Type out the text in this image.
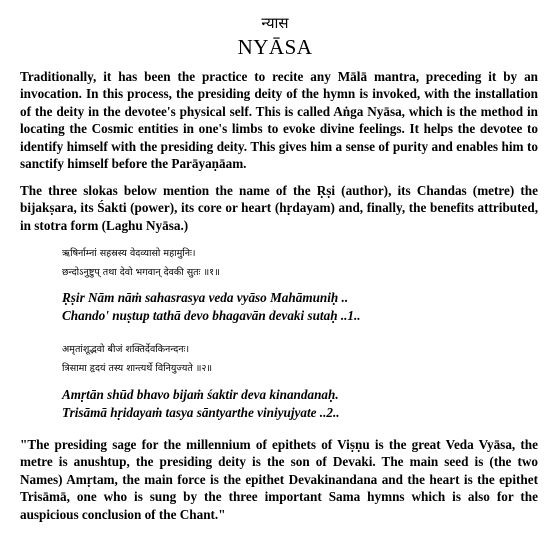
न्यास
NYĀSA

Traditionally, it has been the practice to recite any Mālā mantra, preceding it by an invocation. In this process, the presiding deity of the hymn is invoked, with the installation of the deity in the devotee's physical self. This is called Aṅga Nyāsa, which is the method in locating the Cosmic entities in one's limbs to evoke divine feelings. It helps the devotee to identify himself with the presiding deity. This gives him a sense of purity and enables him to sanctify himself before the Parāyaṇāam.

The three slokas below mention the name of the Ṛṣi (author), its Chandas (metre) the bijakṣara, its Śakti (power), its core or heart (hṛdayam) and, finally, the benefits attributed, in stotra form (Laghu Nyāsa.)

ऋषिर्नाम्नां सहस्रस्य वेदव्यासो महामुनिः।
छन्दोऽनुष्टुप् तथा देवो भगवान् देवकी सुतः ॥१॥
Ṛṣir Nām nāṁ sahasrasya veda vyāso Mahāmuniḥ ..
Chando' nuṣtup tathā devo bhagavān devaki sutaḥ ..1..
अमृतांशूद्भवो बीजं शक्तिर्देवकिनन्दनः।
त्रिसामा हृदयं तस्य शान्त्यर्थे विनियुज्यते ॥२॥
Amṛtān shūd bhavo bijaṁ śaktir deva kinandanaḥ.
Trisāmā hṛidayaṁ tasya sāntyarthe viniyujyate ..2..

"The presiding sage for the millennium of epithets of Viṣṇu is the great Veda Vyāsa, the metre is anushtup, the presiding deity is the son of Devaki. The main seed is (the two Names) Amṛtam, the main force is the epithet Devakinandana and the heart is the epithet Trisāmā, one who is sung by the three important Sama hymns which is also for the auspicious conclusion of the Chant."
